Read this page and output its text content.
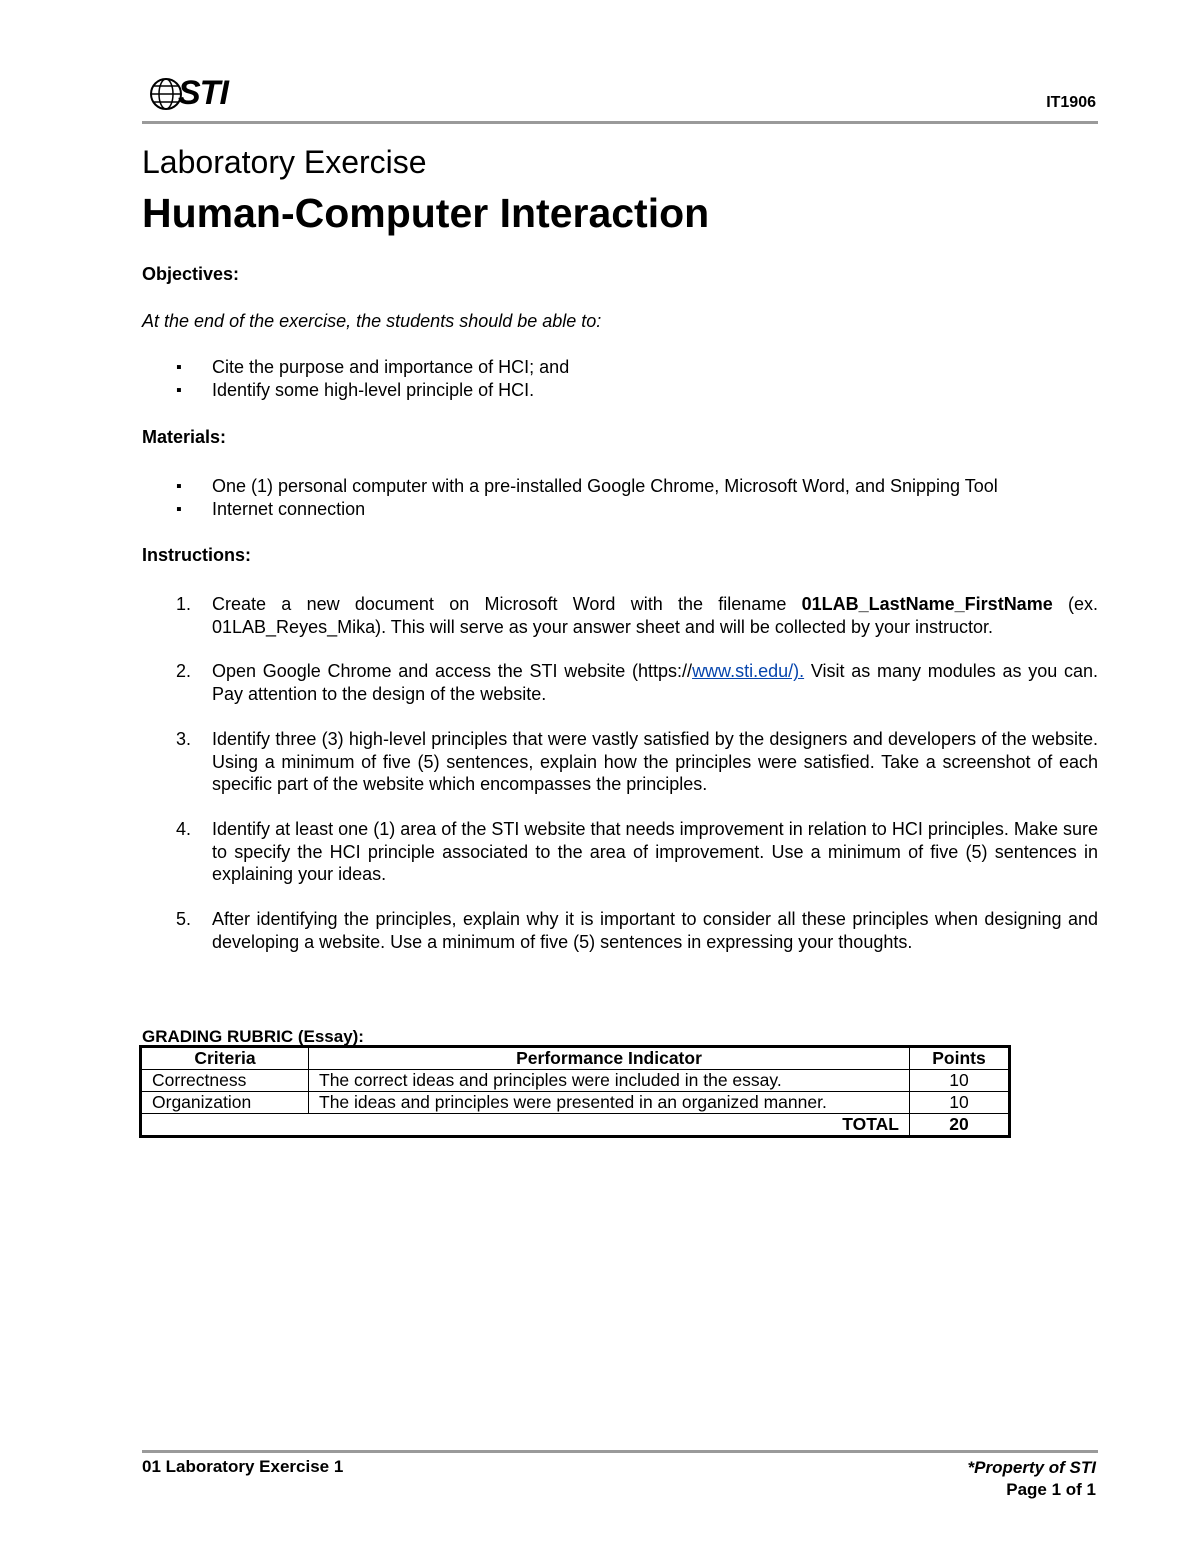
STI	IT1906
Laboratory Exercise
Human-Computer Interaction
Objectives:
At the end of the exercise, the students should be able to:
▪ Cite the purpose and importance of HCI; and
▪ Identify some high-level principle of HCI.
Materials:
▪ One (1) personal computer with a pre-installed Google Chrome, Microsoft Word, and Snipping Tool
▪ Internet connection
Instructions:
1. Create a new document on Microsoft Word with the filename 01LAB_LastName_FirstName (ex. 01LAB_Reyes_Mika). This will serve as your answer sheet and will be collected by your instructor.
2. Open Google Chrome and access the STI website (https://www.sti.edu/). Visit as many modules as you can. Pay attention to the design of the website.
3. Identify three (3) high-level principles that were vastly satisfied by the designers and developers of the website. Using a minimum of five (5) sentences, explain how the principles were satisfied. Take a screenshot of each specific part of the website which encompasses the principles.
4. Identify at least one (1) area of the STI website that needs improvement in relation to HCI principles. Make sure to specify the HCI principle associated to the area of improvement. Use a minimum of five (5) sentences in explaining your ideas.
5. After identifying the principles, explain why it is important to consider all these principles when designing and developing a website. Use a minimum of five (5) sentences in expressing your thoughts.
GRADING RUBRIC (Essay):
Criteria	Performance Indicator	Points
Correctness	The correct ideas and principles were included in the essay.	10
Organization	The ideas and principles were presented in an organized manner.	10
TOTAL		20
01 Laboratory Exercise 1	*Property of STI
Page 1 of 1
